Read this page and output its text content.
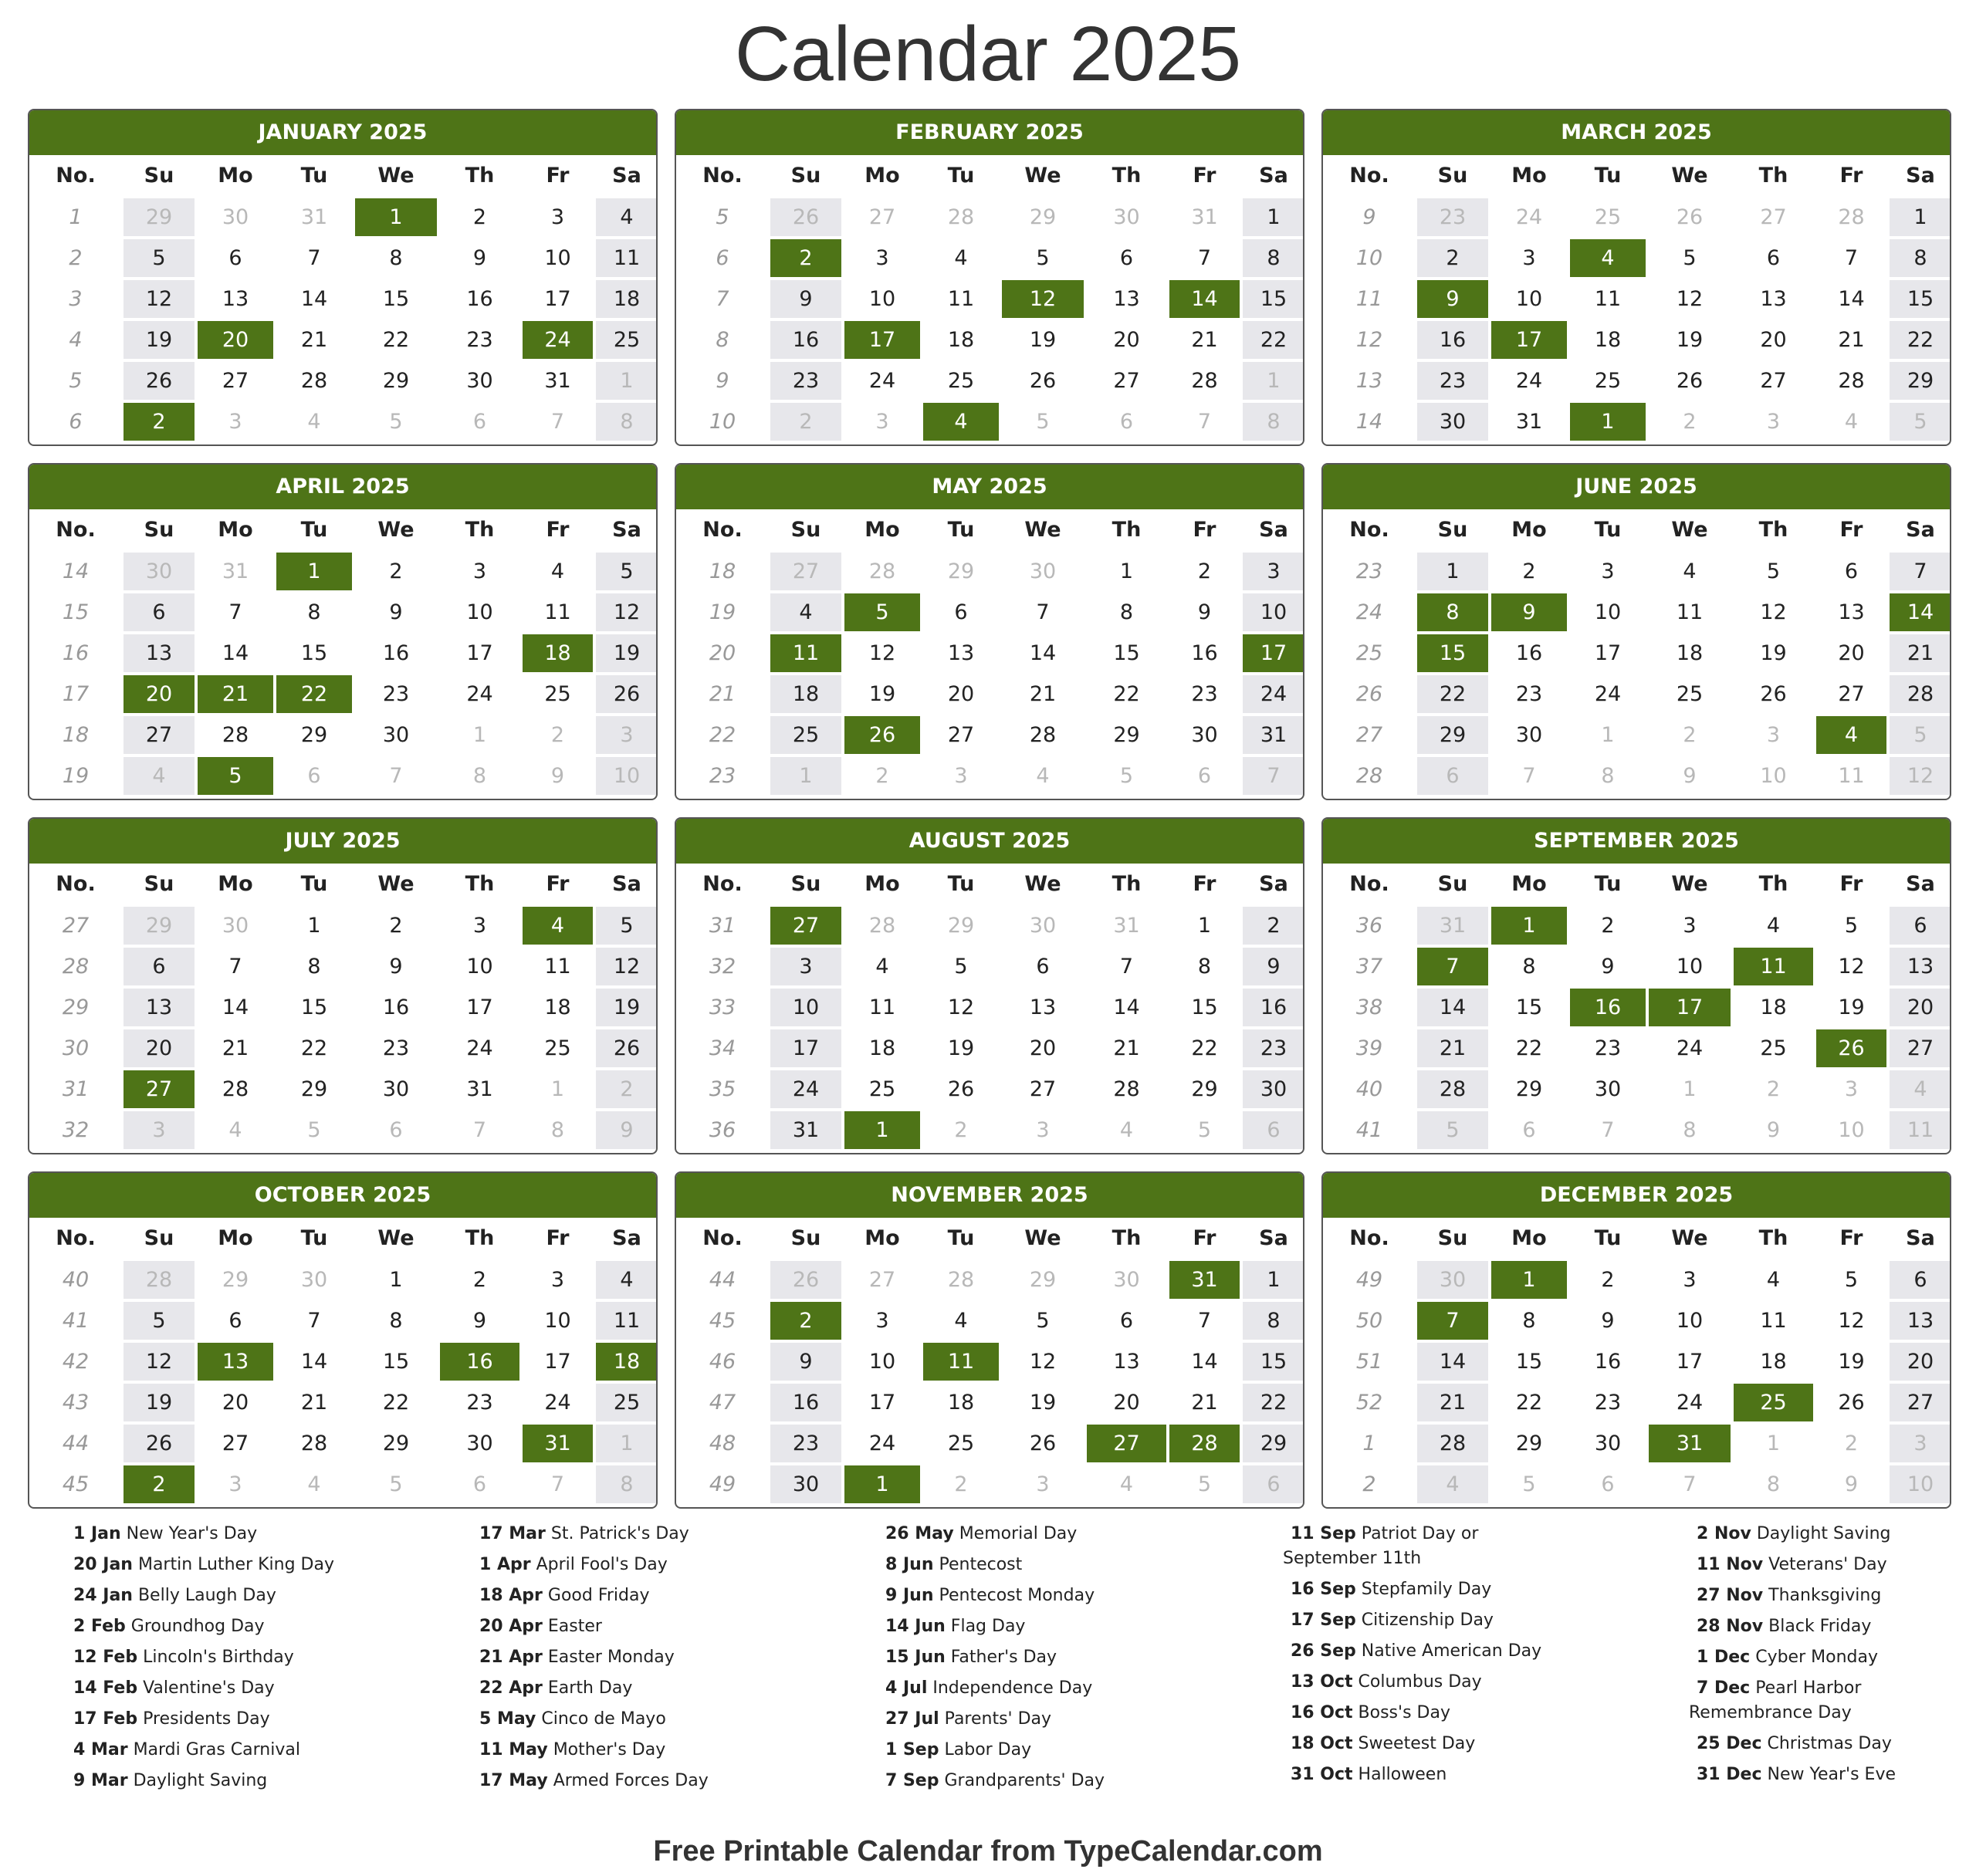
Calendar 2025
JANUARY 2025
No.	Su	Mo	Tu	We	Th	Fr	Sa
1	29	30	31	1	2	3	4
2	5	6	7	8	9	10	11
3	12	13	14	15	16	17	18
4	19	20	21	22	23	24	25
5	26	27	28	29	30	31	1
6	2	3	4	5	6	7	8
FEBRUARY 2025
No.	Su	Mo	Tu	We	Th	Fr	Sa
5	26	27	28	29	30	31	1
6	2	3	4	5	6	7	8
7	9	10	11	12	13	14	15
8	16	17	18	19	20	21	22
9	23	24	25	26	27	28	1
10	2	3	4	5	6	7	8
MARCH 2025
No.	Su	Mo	Tu	We	Th	Fr	Sa
9	23	24	25	26	27	28	1
10	2	3	4	5	6	7	8
11	9	10	11	12	13	14	15
12	16	17	18	19	20	21	22
13	23	24	25	26	27	28	29
14	30	31	1	2	3	4	5
APRIL 2025
No.	Su	Mo	Tu	We	Th	Fr	Sa
14	30	31	1	2	3	4	5
15	6	7	8	9	10	11	12
16	13	14	15	16	17	18	19
17	20	21	22	23	24	25	26
18	27	28	29	30	1	2	3
19	4	5	6	7	8	9	10
MAY 2025
No.	Su	Mo	Tu	We	Th	Fr	Sa
18	27	28	29	30	1	2	3
19	4	5	6	7	8	9	10
20	11	12	13	14	15	16	17
21	18	19	20	21	22	23	24
22	25	26	27	28	29	30	31
23	1	2	3	4	5	6	7
JUNE 2025
No.	Su	Mo	Tu	We	Th	Fr	Sa
23	1	2	3	4	5	6	7
24	8	9	10	11	12	13	14
25	15	16	17	18	19	20	21
26	22	23	24	25	26	27	28
27	29	30	1	2	3	4	5
28	6	7	8	9	10	11	12
JULY 2025
No.	Su	Mo	Tu	We	Th	Fr	Sa
27	29	30	1	2	3	4	5
28	6	7	8	9	10	11	12
29	13	14	15	16	17	18	19
30	20	21	22	23	24	25	26
31	27	28	29	30	31	1	2
32	3	4	5	6	7	8	9
AUGUST 2025
No.	Su	Mo	Tu	We	Th	Fr	Sa
31	27	28	29	30	31	1	2
32	3	4	5	6	7	8	9
33	10	11	12	13	14	15	16
34	17	18	19	20	21	22	23
35	24	25	26	27	28	29	30
36	31	1	2	3	4	5	6
SEPTEMBER 2025
No.	Su	Mo	Tu	We	Th	Fr	Sa
36	31	1	2	3	4	5	6
37	7	8	9	10	11	12	13
38	14	15	16	17	18	19	20
39	21	22	23	24	25	26	27
40	28	29	30	1	2	3	4
41	5	6	7	8	9	10	11
OCTOBER 2025
No.	Su	Mo	Tu	We	Th	Fr	Sa
40	28	29	30	1	2	3	4
41	5	6	7	8	9	10	11
42	12	13	14	15	16	17	18
43	19	20	21	22	23	24	25
44	26	27	28	29	30	31	1
45	2	3	4	5	6	7	8
NOVEMBER 2025
No.	Su	Mo	Tu	We	Th	Fr	Sa
44	26	27	28	29	30	31	1
45	2	3	4	5	6	7	8
46	9	10	11	12	13	14	15
47	16	17	18	19	20	21	22
48	23	24	25	26	27	28	29
49	30	1	2	3	4	5	6
DECEMBER 2025
No.	Su	Mo	Tu	We	Th	Fr	Sa
49	30	1	2	3	4	5	6
50	7	8	9	10	11	12	13
51	14	15	16	17	18	19	20
52	21	22	23	24	25	26	27
1	28	29	30	31	1	2	3
2	4	5	6	7	8	9	10
1 Jan New Year's Day
20 Jan Martin Luther King Day
24 Jan Belly Laugh Day
2 Feb Groundhog Day
12 Feb Lincoln's Birthday
14 Feb Valentine's Day
17 Feb Presidents Day
4 Mar Mardi Gras Carnival
9 Mar Daylight Saving
17 Mar St. Patrick's Day
1 Apr April Fool's Day
18 Apr Good Friday
20 Apr Easter
21 Apr Easter Monday
22 Apr Earth Day
5 May Cinco de Mayo
11 May Mother's Day
17 May Armed Forces Day
26 May Memorial Day
8 Jun Pentecost
9 Jun Pentecost Monday
14 Jun Flag Day
15 Jun Father's Day
4 Jul Independence Day
27 Jul Parents' Day
1 Sep Labor Day
7 Sep Grandparents' Day
11 Sep Patriot Day or
September 11th
16 Sep Stepfamily Day
17 Sep Citizenship Day
26 Sep Native American Day
13 Oct Columbus Day
16 Oct Boss's Day
18 Oct Sweetest Day
31 Oct Halloween
2 Nov Daylight Saving
11 Nov Veterans' Day
27 Nov Thanksgiving
28 Nov Black Friday
1 Dec Cyber Monday
7 Dec Pearl Harbor
Remembrance Day
25 Dec Christmas Day
31 Dec New Year's Eve
Free Printable Calendar from TypeCalendar.com
